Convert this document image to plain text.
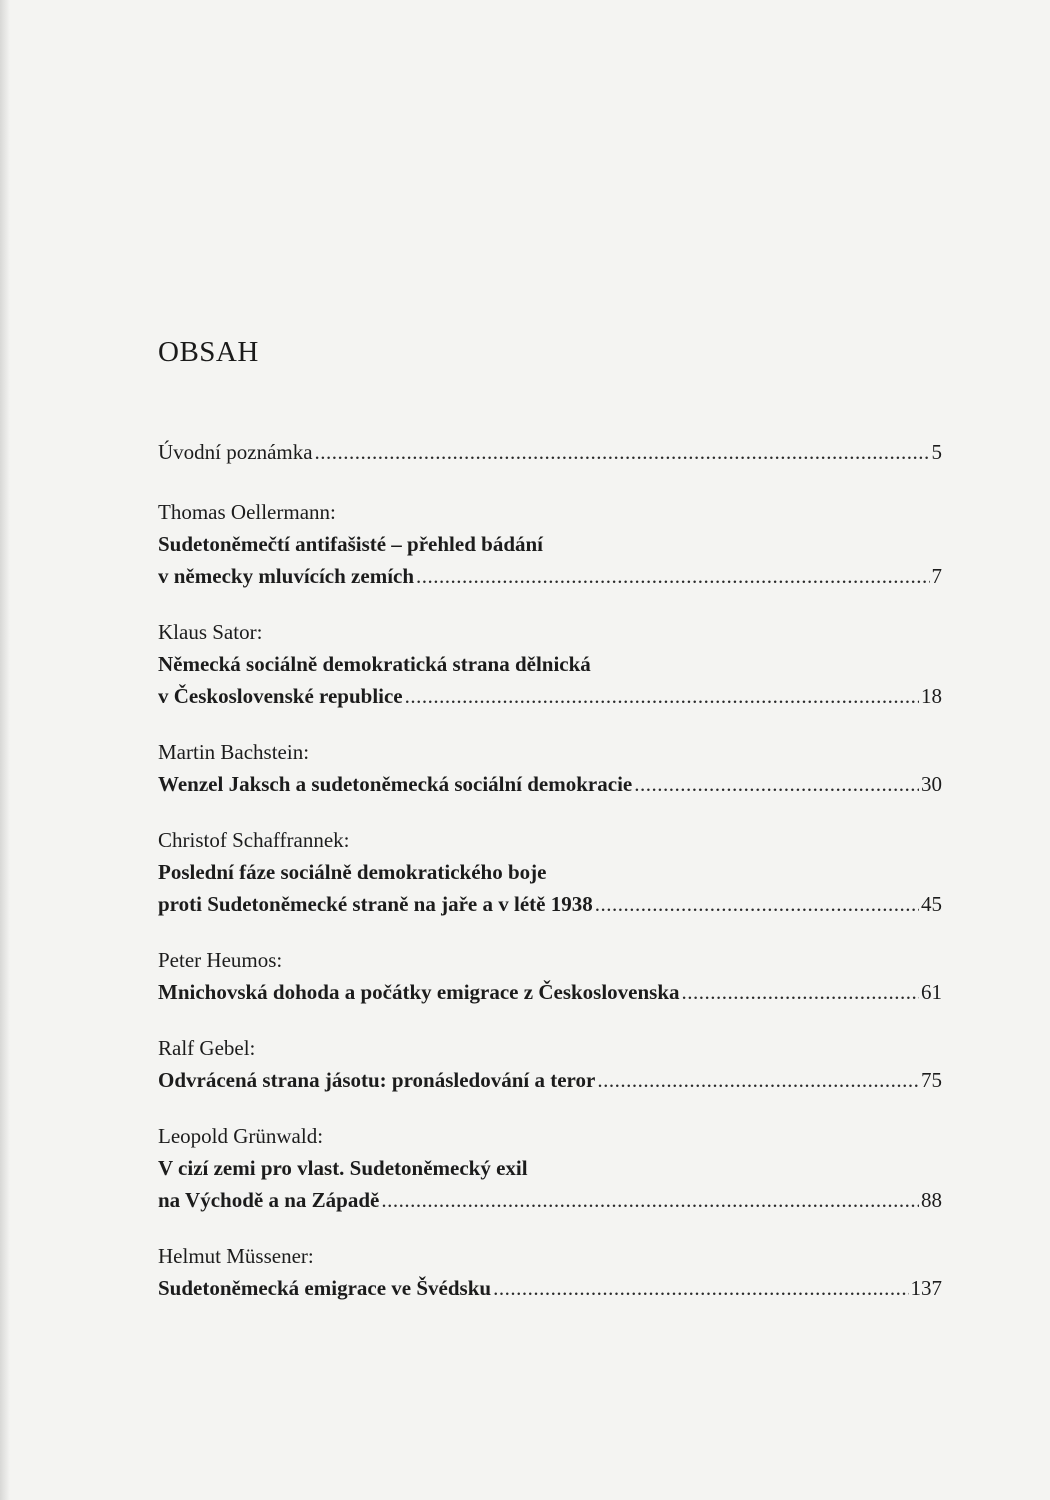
OBSAH
Úvodní poznámka .....	5
Thomas Oellermann:
Sudetoněmečtí antifašisté – přehled bádání
v německy mluvících zemích .....	7
Klaus Sator:
Německá sociálně demokratická strana dělnická
v Československé republice .....	18
Martin Bachstein:
Wenzel Jaksch a sudetoněmecká sociální demokracie .....	30
Christof Schaffrannek:
Poslední fáze sociálně demokratického boje
proti Sudetoněmecké straně na jaře a v létě 1938 .....	45
Peter Heumos:
Mnichovská dohoda a počátky emigrace z Československa .....	61
Ralf Gebel:
Odvrácená strana jásotu: pronásledování a teror .....	75
Leopold Grünwald:
V cizí zemi pro vlast. Sudetoněmecký exil
na Východě a na Západě .....	88
Helmut Müssener:
Sudetoněmecká emigrace ve Švédsku .....	137
